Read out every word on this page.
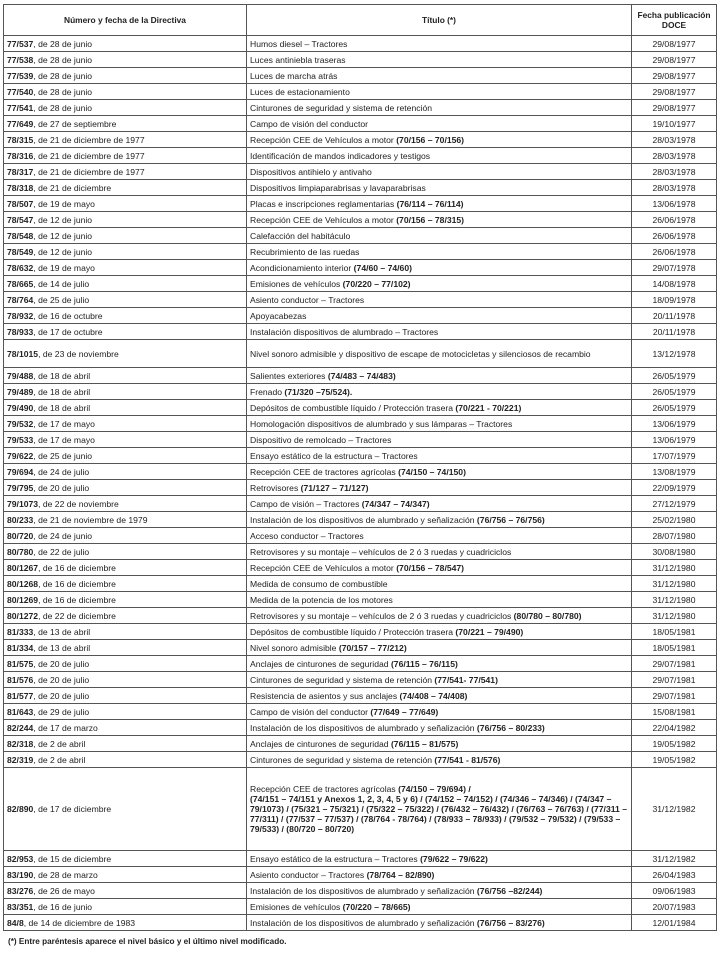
Número y fecha de la Directiva	Título (*)	Fecha publicación DOCE
77/537, de 28 de junio	Humos diesel – Tractores	29/08/1977
77/538, de 28 de junio	Luces antiniebla traseras	29/08/1977
77/539, de 28 de junio	Luces de marcha atrás	29/08/1977
77/540, de 28 de junio	Luces de estacionamiento	29/08/1977
77/541, de 28 de junio	Cinturones de seguridad y sistema de retención	29/08/1977
77/649, de 27 de septiembre	Campo de visión del conductor	19/10/1977
78/315, de 21 de diciembre de 1977	Recepción CEE de Vehículos a motor (70/156 – 70/156)	28/03/1978
78/316, de 21 de diciembre de 1977	Identificación de mandos indicadores y testigos	28/03/1978
78/317, de 21 de diciembre de 1977	Dispositivos antihielo y antivaho	28/03/1978
78/318, de 21 de diciembre	Dispositivos limpiaparabrisas y lavaparabrisas	28/03/1978
78/507, de 19 de mayo	Placas e inscripciones reglamentarias (76/114 – 76/114)	13/06/1978
78/547, de 12 de junio	Recepción CEE de Vehículos a motor (70/156 – 78/315)	26/06/1978
78/548, de 12 de junio	Calefacción del habitáculo	26/06/1978
78/549, de 12 de junio	Recubrimiento de las ruedas	26/06/1978
78/632, de 19 de mayo	Acondicionamiento interior (74/60 – 74/60)	29/07/1978
78/665, de 14 de julio	Emisiones de vehículos (70/220 – 77/102)	14/08/1978
78/764, de 25 de julio	Asiento conductor – Tractores	18/09/1978
78/932, de 16 de octubre	Apoyacabezas	20/11/1978
78/933, de 17 de octubre	Instalación dispositivos de alumbrado – Tractores	20/11/1978
78/1015, de 23 de noviembre	Nivel sonoro admisible y dispositivo de escape de motocicletas y silenciosos de recambio	13/12/1978
79/488, de 18 de abril	Salientes exteriores (74/483 – 74/483)	26/05/1979
79/489, de 18 de abril	Frenado (71/320 –75/524).	26/05/1979
79/490, de 18 de abril	Depósitos de combustible líquido / Protección trasera (70/221 - 70/221)	26/05/1979
79/532, de 17 de mayo	Homologación dispositivos de alumbrado y sus lámparas – Tractores	13/06/1979
79/533, de 17 de mayo	Dispositivo de remolcado – Tractores	13/06/1979
79/622, de 25 de junio	Ensayo estático de la estructura – Tractores	17/07/1979
79/694, de 24 de julio	Recepción CEE de tractores agrícolas (74/150 – 74/150)	13/08/1979
79/795, de 20 de julio	Retrovisores (71/127 – 71/127)	22/09/1979
79/1073, de 22 de noviembre	Campo de visión – Tractores (74/347 – 74/347)	27/12/1979
80/233, de 21 de noviembre de 1979	Instalación de los dispositivos de alumbrado y señalización (76/756 – 76/756)	25/02/1980
80/720, de 24 de junio	Acceso conductor – Tractores	28/07/1980
80/780, de 22 de julio	Retrovisores y su montaje – vehículos de 2 ó 3 ruedas y cuadriciclos	30/08/1980
80/1267, de 16 de diciembre	Recepción CEE de Vehículos a motor (70/156 – 78/547)	31/12/1980
80/1268, de 16 de diciembre	Medida de consumo de combustible	31/12/1980
80/1269, de 16 de diciembre	Medida de la potencia de los motores	31/12/1980
80/1272, de 22 de diciembre	Retrovisores y su montaje – vehículos de 2 ó 3 ruedas y cuadriciclos (80/780 – 80/780)	31/12/1980
81/333, de 13 de abril	Depósitos de combustible líquido / Protección trasera (70/221 – 79/490)	18/05/1981
81/334, de 13 de abril	Nivel sonoro admisible (70/157 – 77/212)	18/05/1981
81/575, de 20 de julio	Anclajes de cinturones de seguridad (76/115 – 76/115)	29/07/1981
81/576, de 20 de julio	Cinturones de seguridad y sistema de retención (77/541- 77/541)	29/07/1981
81/577, de 20 de julio	Resistencia de asientos y sus anclajes (74/408 – 74/408)	29/07/1981
81/643, de 29 de julio	Campo de visión del conductor (77/649 – 77/649)	15/08/1981
82/244, de 17 de marzo	Instalación de los dispositivos de alumbrado y señalización (76/756 – 80/233)	22/04/1982
82/318, de 2 de abril	Anclajes de cinturones de seguridad (76/115 – 81/575)	19/05/1982
82/319, de 2 de abril	Cinturones de seguridad y sistema de retención (77/541 - 81/576)	19/05/1982
82/890, de 17 de diciembre	Recepción CEE de tractores agrícolas (74/150 – 79/694) /
(74/151 – 74/151 y Anexos 1, 2, 3, 4, 5 y 6) / (74/152 – 74/152) / (74/346 – 74/346) / (74/347 – 79/1073) / (75/321 – 75/321) / (75/322 – 75/322) / (76/432 – 76/432) / (76/763 – 76/763) / (77/311 – 77/311) / (77/537 – 77/537) / (78/764 - 78/764) / (78/933 – 78/933) / (79/532 – 79/532) / (79/533 – 79/533) / (80/720 – 80/720)	31/12/1982
82/953, de 15 de diciembre	Ensayo estático de la estructura – Tractores (79/622 – 79/622)	31/12/1982
83/190, de 28 de marzo	Asiento conductor – Tractores (78/764 – 82/890)	26/04/1983
83/276, de 26 de mayo	Instalación de los dispositivos de alumbrado y señalización (76/756 –82/244)	09/06/1983
83/351, de 16 de junio	Emisiones de vehículos (70/220 – 78/665)	20/07/1983
84/8, de 14 de diciembre de 1983	Instalación de los dispositivos de alumbrado y señalización (76/756 – 83/276)	12/01/1984
(*) Entre paréntesis aparece el nivel básico y el último nivel modificado.
